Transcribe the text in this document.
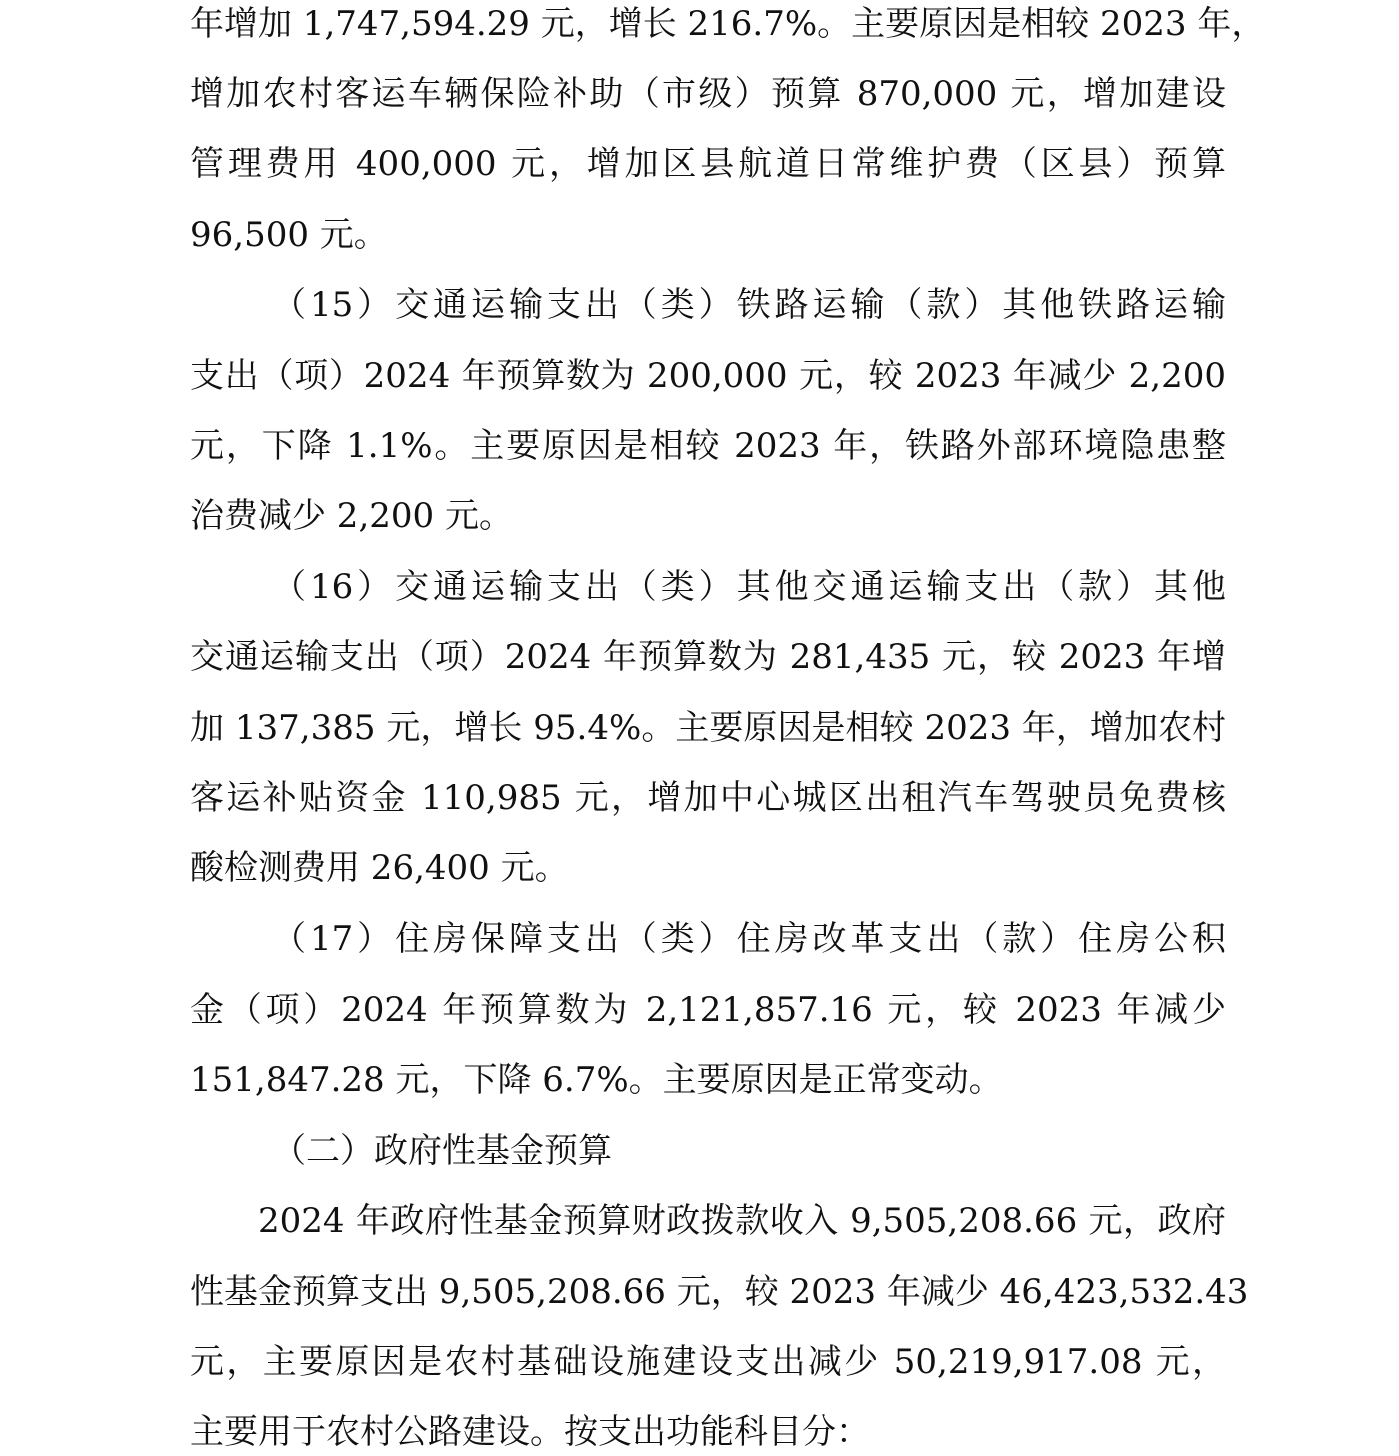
年增加 1,747,594.29 元，增长 216.7%。主要原因是相较 2023 年，
增加农村客运车辆保险补助（市级）预算 870,000 元，增加建设
管理费用 400,000 元，增加区县航道日常维护费（区县）预算
96,500 元。
（15）交通运输支出（类）铁路运输（款）其他铁路运输
支出（项）2024 年预算数为 200,000 元，较 2023 年减少 2,200
元，下降 1.1%。主要原因是相较 2023 年，铁路外部环境隐患整
治费减少 2,200 元。
（16）交通运输支出（类）其他交通运输支出（款）其他
交通运输支出（项）2024 年预算数为 281,435 元，较 2023 年增
加 137,385 元，增长 95.4%。主要原因是相较 2023 年，增加农村
客运补贴资金 110,985 元，增加中心城区出租汽车驾驶员免费核
酸检测费用 26,400 元。
（17）住房保障支出（类）住房改革支出（款）住房公积
金（项）2024 年预算数为 2,121,857.16 元，较 2023 年减少
151,847.28 元，下降 6.7%。主要原因是正常变动。
（二）政府性基金预算
2024 年政府性基金预算财政拨款收入 9,505,208.66 元，政府
性基金预算支出 9,505,208.66 元，较 2023 年减少 46,423,532.43
元，主要原因是农村基础设施建设支出减少 50,219,917.08 元，
主要用于农村公路建设。按支出功能科目分：
